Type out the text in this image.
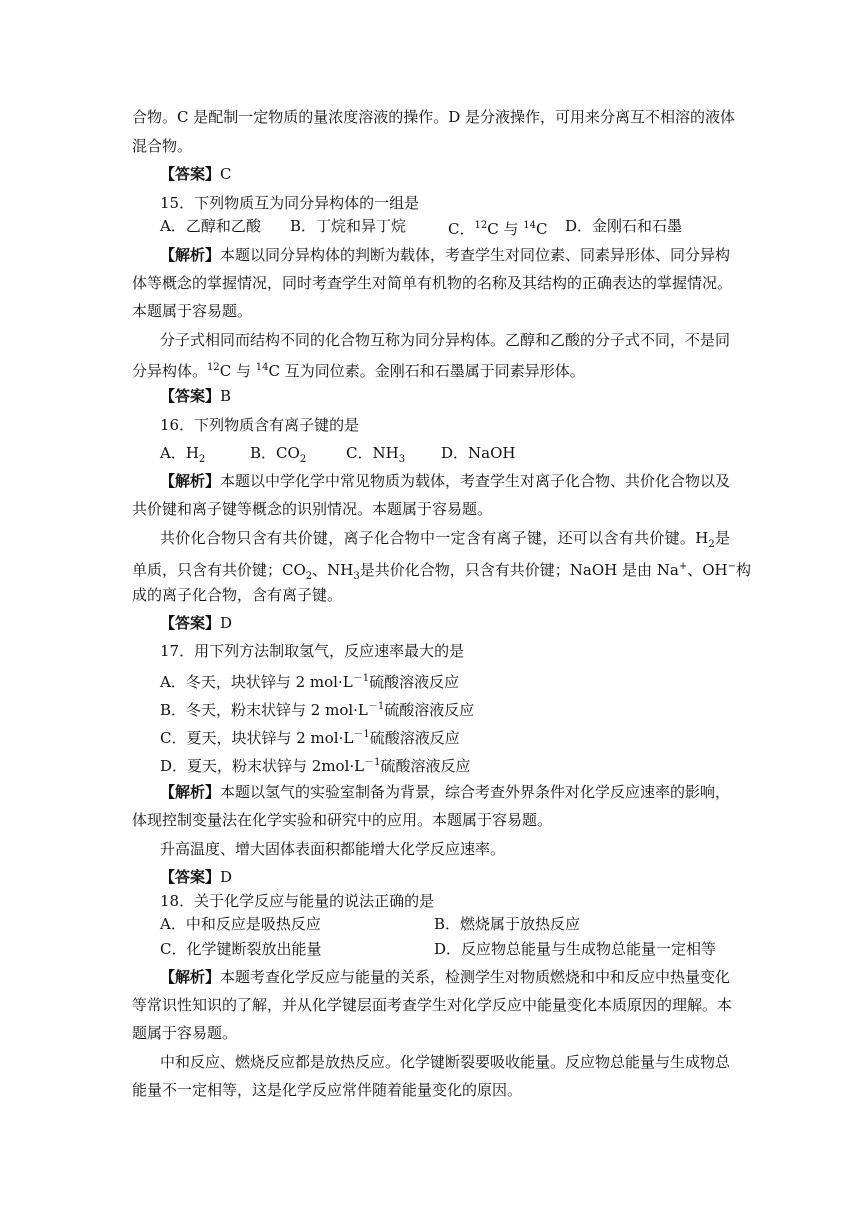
合物。C 是配制一定物质的量浓度溶液的操作。D 是分液操作，可用来分离互不相溶的液体
混合物。
【答案】C
15．下列物质互为同分异构体的一组是
A．乙醇和乙酸 B．丁烷和异丁烷	C．$^{12}$C 与 $^{14}$C D．金刚石和石墨
【解析】本题以同分异构体的判断为载体，考查学生对同位素、同素异形体、同分异构
体等概念的掌握情况，同时考查学生对简单有机物的名称及其结构的正确表达的掌握情况。
本题属于容易题。
分子式相同而结构不同的化合物互称为同分异构体。乙醇和乙酸的分子式不同，不是同
分异构体。$^{12}$C 与 $^{14}$C 互为同位素。金刚石和石墨属于同素异形体。
【答案】B
16．下列物质含有离子键的是
A．$H_2$	B．$CO_2$	C．$NH_3$ D．NaOH
【解析】本题以中学化学中常见物质为载体，考查学生对离子化合物、共价化合物以及
共价键和离子键等概念的识别情况。本题属于容易题。
共价化合物只含有共价键，离子化合物中一定含有离子键，还可以含有共价键。$H_2$是
单质，只含有共价键；$CO_2$、$NH_3$是共价化合物，只含有共价键；NaOH 是由 Na+、OH−构
成的离子化合物，含有离子键。
【答案】D
17．用下列方法制取氢气，反应速率最大的是
A．冬天，块状锌与 2 $mol\cdot L^{-1}$硫酸溶液反应
B．冬天，粉末状锌与 2 $mol\cdot L^{-1}$硫酸溶液反应
C．夏天，块状锌与 2 $mol\cdot L^{-1}$硫酸溶液反应
D．夏天，粉末状锌与 $2mol\cdot L^{-1}$硫酸溶液反应
【解析】本题以氢气的实验室制备为背景，综合考查外界条件对化学反应速率的影响，
体现控制变量法在化学实验和研究中的应用。本题属于容易题。
升高温度、增大固体表面积都能增大化学反应速率。
【答案】D
18．关于化学反应与能量的说法正确的是
A．中和反应是吸热反应	B．燃烧属于放热反应
C．化学键断裂放出能量	D．反应物总能量与生成物总能量一定相等
【解析】本题考查化学反应与能量的关系，检测学生对物质燃烧和中和反应中热量变化
等常识性知识的了解，并从化学键层面考查学生对化学反应中能量变化本质原因的理解。本
题属于容易题。
中和反应、燃烧反应都是放热反应。化学键断裂要吸收能量。反应物总能量与生成物总
能量不一定相等，这是化学反应常伴随着能量变化的原因。
